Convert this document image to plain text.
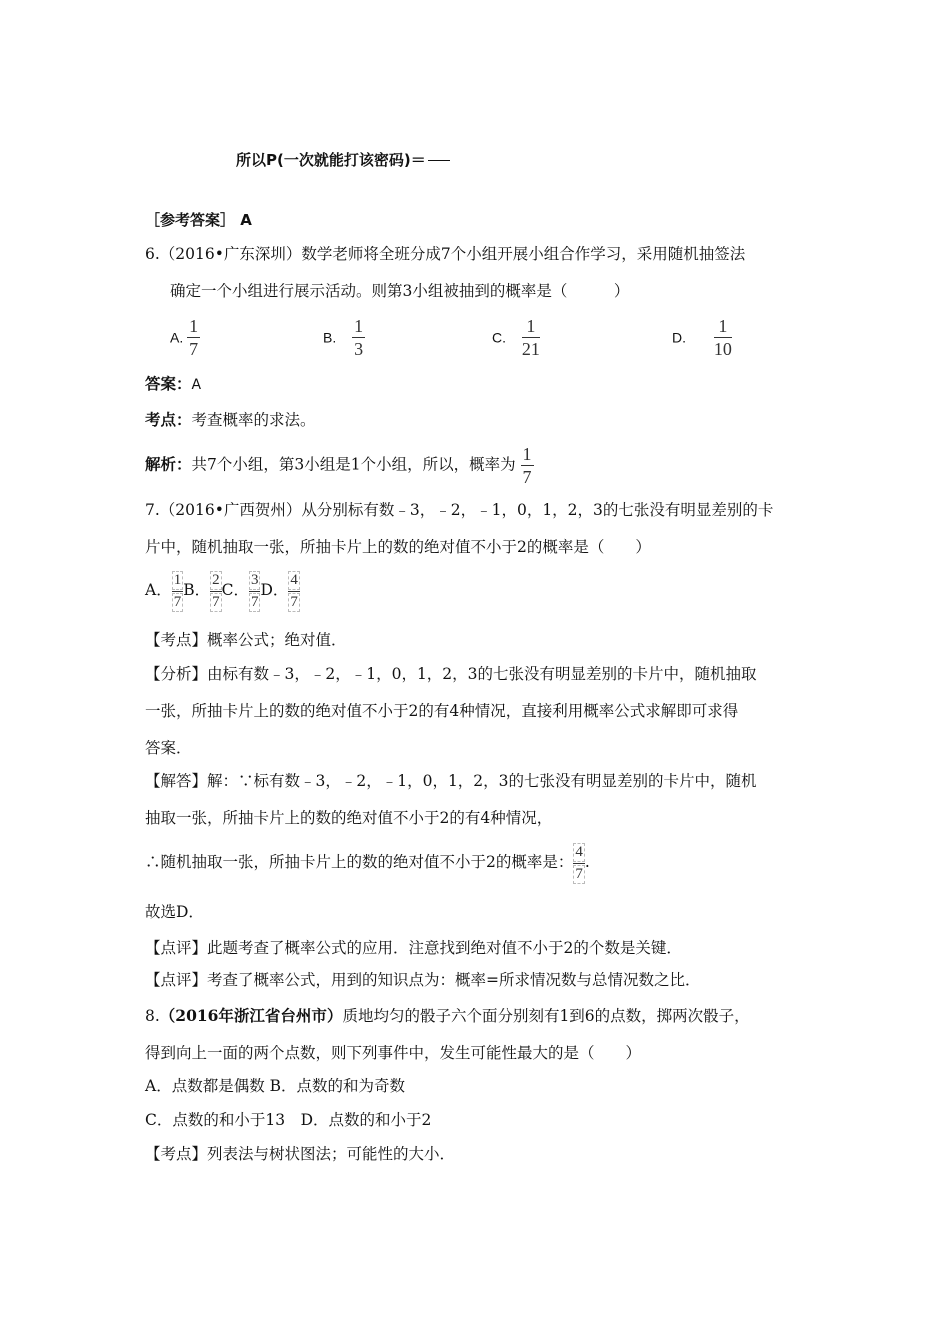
所以P(一次就能打该密码)＝
［参考答案］ A
6.（2016•广东深圳）数学老师将全班分成7个小组开展小组合作学习，采用随机抽签法
确定一个小组进行展示活动。则第3小组被抽到的概率是（　　　）
A. $\frac{1}{7}$	B. $\frac{1}{3}$	C. $\frac{1}{21}$	D. $\frac{1}{10}$
答案：A
考点：考查概率的求法。
解析：共7个小组，第3小组是1个小组，所以，概率为 $\frac{1}{7}$
7.（2016•广西贺州）从分别标有数﹣3，﹣2，﹣1，0，1，2，3的七张没有明显差别的卡
片中，随机抽取一张，所抽卡片上的数的绝对值不小于2的概率是（　　）
A． $\frac{1}{7}$ B． $\frac{2}{7}$ C． $\frac{3}{7}$ D． $\frac{4}{7}$
【考点】概率公式；绝对值．
【分析】由标有数﹣3，﹣2，﹣1，0，1，2，3的七张没有明显差别的卡片中，随机抽取
一张，所抽卡片上的数的绝对值不小于2的有4种情况，直接利用概率公式求解即可求得
答案．
【解答】解：∵标有数﹣3，﹣2，﹣1，0，1，2，3的七张没有明显差别的卡片中，随机
抽取一张，所抽卡片上的数的绝对值不小于2的有4种情况，
∴随机抽取一张，所抽卡片上的数的绝对值不小于2的概率是： $\frac{4}{7}$ .
故选D．
【点评】此题考查了概率公式的应用．注意找到绝对值不小于2的个数是关键．
【点评】考查了概率公式，用到的知识点为：概率=所求情况数与总情况数之比．
8.（2016年浙江省台州市）质地均匀的骰子六个面分别刻有1到6的点数，掷两次骰子，
得到向上一面的两个点数，则下列事件中，发生可能性最大的是（　　）
A．点数都是偶数 B．点数的和为奇数
C．点数的和小于13　D．点数的和小于2
【考点】列表法与树状图法；可能性的大小．
